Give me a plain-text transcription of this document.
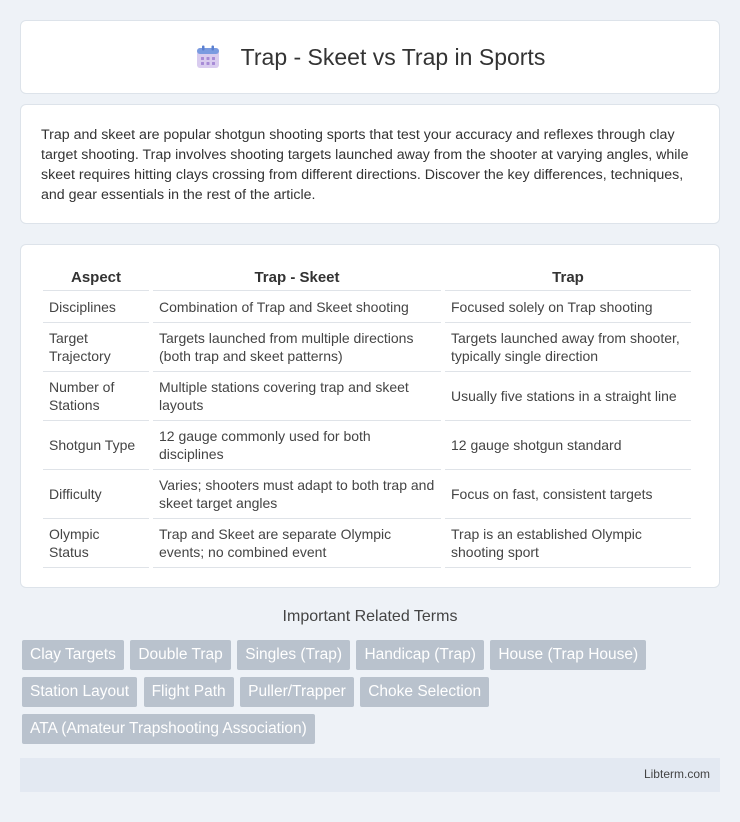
Trap - Skeet vs Trap in Sports

Trap and skeet are popular shotgun shooting sports that test your accuracy and reflexes through clay target shooting. Trap involves shooting targets launched away from the shooter at varying angles, while skeet requires hitting clays crossing from different directions. Discover the key differences, techniques, and gear essentials in the rest of the article.

Aspect	Trap - Skeet	Trap
Disciplines	Combination of Trap and Skeet shooting	Focused solely on Trap shooting
Target Trajectory	Targets launched from multiple directions (both trap and skeet patterns)	Targets launched away from shooter, typically single direction
Number of Stations	Multiple stations covering trap and skeet layouts	Usually five stations in a straight line
Shotgun Type	12 gauge commonly used for both disciplines	12 gauge shotgun standard
Difficulty	Varies; shooters must adapt to both trap and skeet target angles	Focus on fast, consistent targets
Olympic Status	Trap and Skeet are separate Olympic events; no combined event	Trap is an established Olympic shooting sport
Important Related Terms
Clay Targets Double Trap Singles (Trap) Handicap (Trap) House (Trap House) Station Layout Flight Path Puller/Trapper Choke Selection ATA (Amateur Trapshooting Association)
Libterm.com
